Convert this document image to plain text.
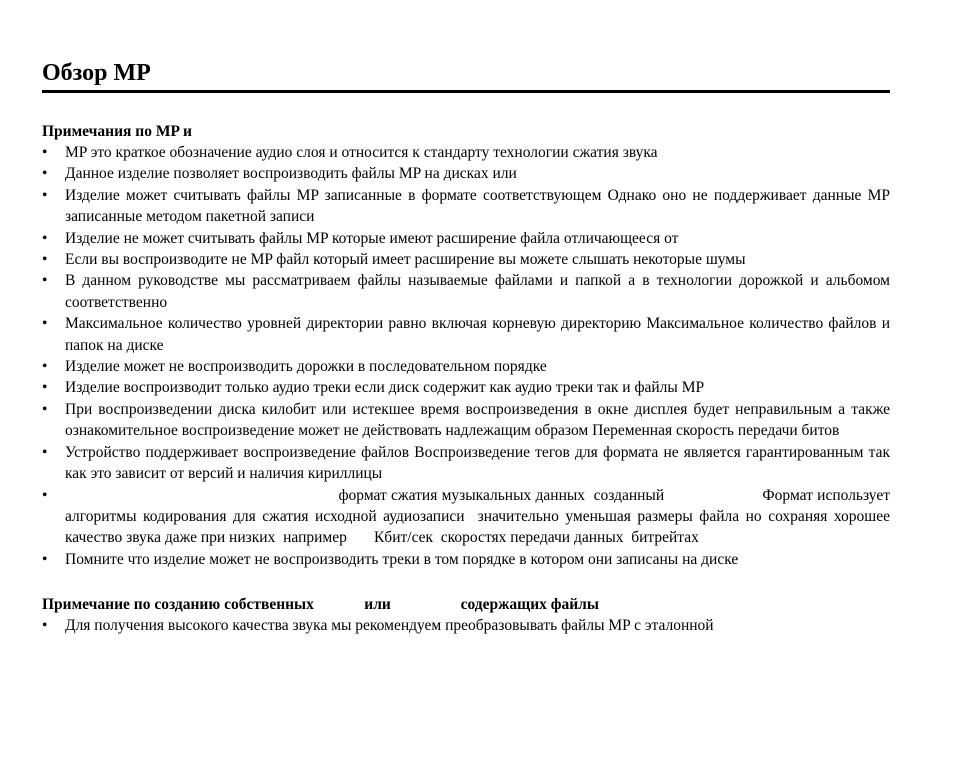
Обзор MP
Примечания по MP и
• MP это краткое обозначение аудио слоя и относится к стандарту технологии сжатия звука
• Данное изделие позволяет воспроизводить файлы MP на дисках или
• Изделие может считывать файлы MP записанные в формате соответствующем Однако оно не поддерживает данные MP записанные методом пакетной записи
• Изделие не может считывать файлы MP которые имеют расширение файла отличающееся от
• Если вы воспроизводите не MP файл который имеет расширение вы можете слышать некоторые шумы
• В данном руководстве мы рассматриваем файлы называемые файлами и папкой а в технологии дорожкой и альбомом соответственно
• Максимальное количество уровней директории равно включая корневую директорию Максимальное количество файлов и папок на диске
• Изделие может не воспроизводить дорожки в последовательном порядке
• Изделие воспроизводит только аудио треки если диск содержит как аудио треки так и файлы MP
• При воспроизведении диска килобит или истекшее время воспроизведения в окне дисплея будет неправильным а также ознакомительное воспроизведение может не действовать надлежащим образом Переменная скорость передачи битов
• Устройство поддерживает воспроизведение файлов Воспроизведение тегов для формата не является гарантированным так как это зависит от версий и наличия кириллицы
• формат сжатия музыкальных данных  созданный                       Формат использует алгоритмы кодирования для сжатия исходной аудиозаписи  значительно уменьшая размеры файла но сохраняя хорошее качество звука даже при низких  например       Кбит/сек  скоростях передачи данных  битрейтах
• Помните что изделие может не воспроизводить треки в том порядке в котором они записаны на диске
Примечание по созданию собственных             или                  содержащих файлы
• Для получения высокого качества звука мы рекомендуем преобразовывать файлы MP с эталонной
